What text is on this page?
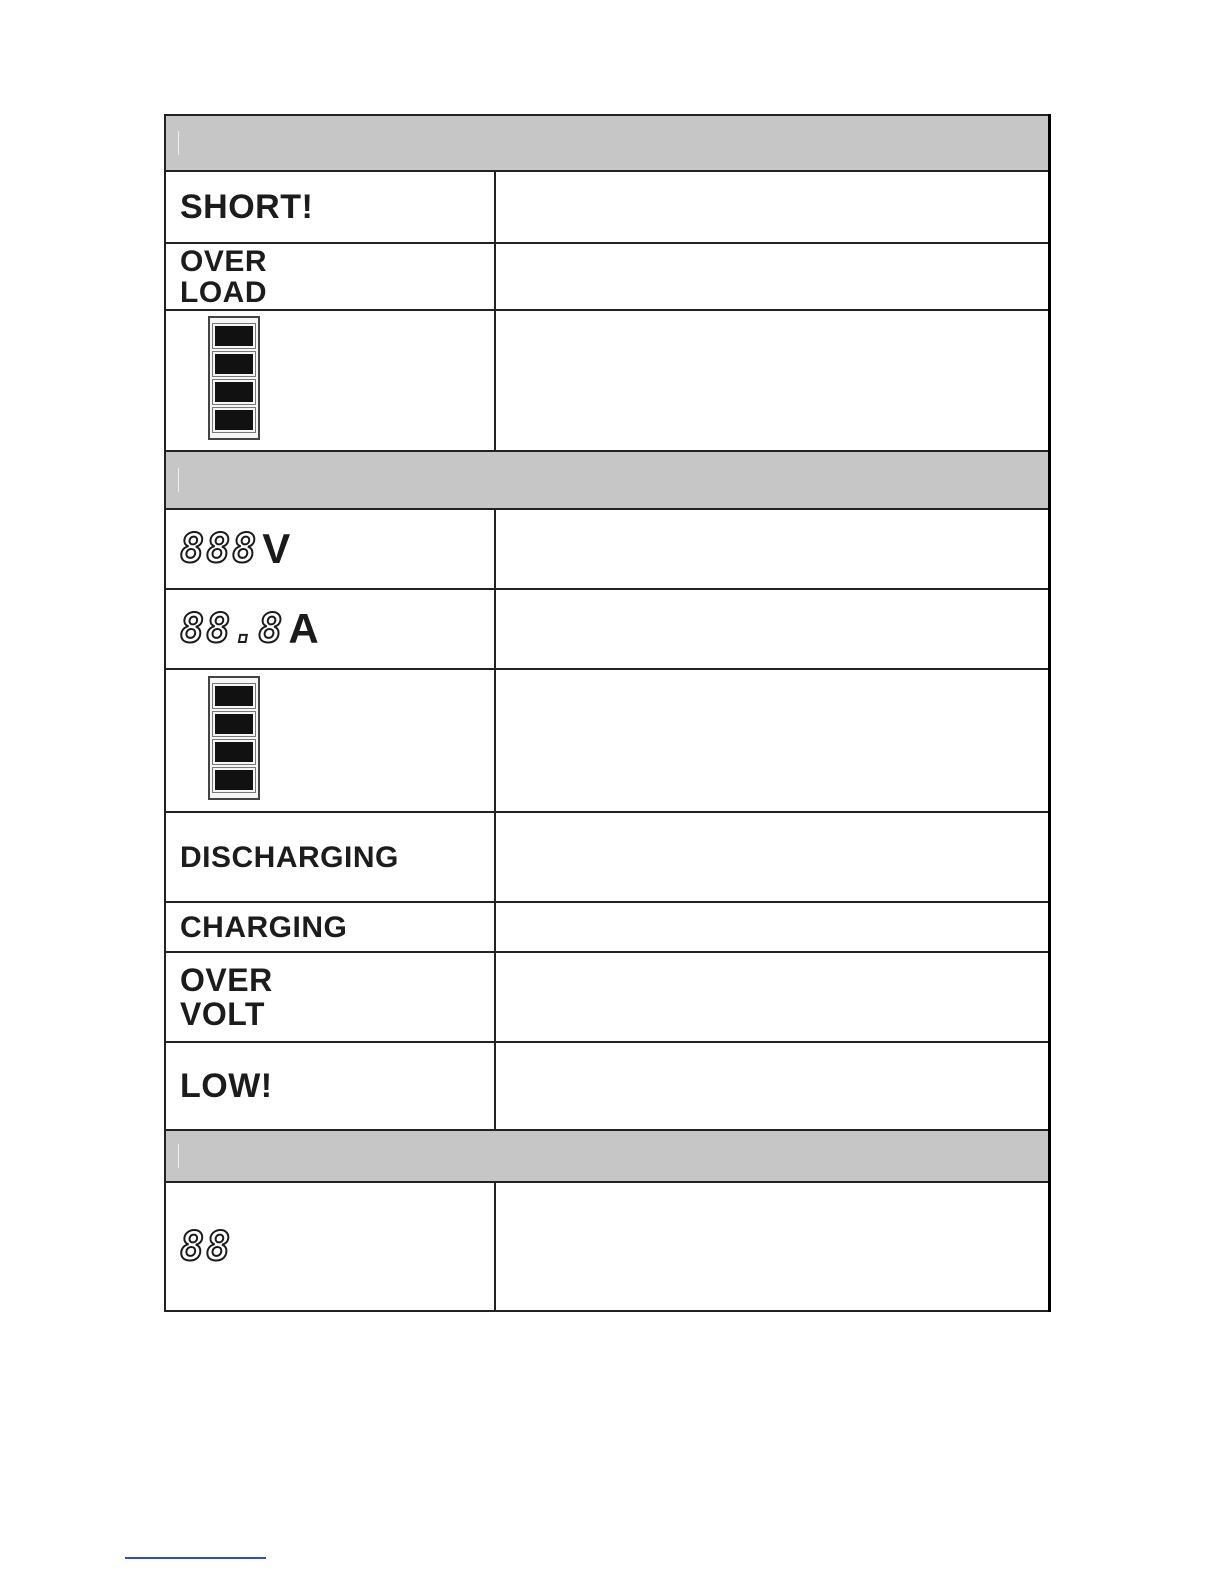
SHORT!	

OVER
LOAD	

888V	
88.8A	

DISCHARGING	
CHARGING	

OVER
VOLT	

LOW!	

88	
